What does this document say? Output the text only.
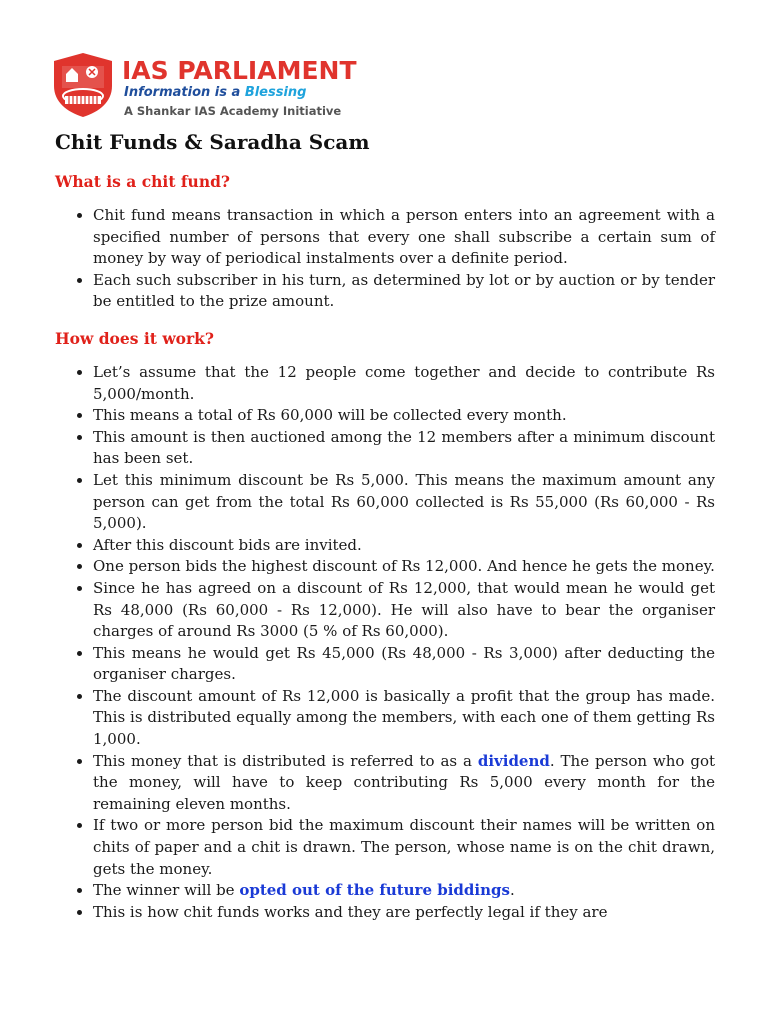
IAS PARLIAMENT
Information is a Blessing
A Shankar IAS Academy Initiative
Chit Funds & Saradha Scam
What is a chit fund?
• Chit fund means transaction in which a person enters into an agreement with a specified number of persons that every one shall subscribe a certain sum of money by way of periodical instalments over a definite period.
• Each such subscriber in his turn, as determined by lot or by auction or by tender be entitled to the prize amount.
How does it work?
• Let’s assume that the 12 people come together and decide to contribute Rs 5,000/month.
• This means a total of Rs 60,000 will be collected every month.
• This amount is then auctioned among the 12 members after a minimum discount has been set.
• Let this minimum discount be Rs 5,000. This means the maximum amount any person can get from the total Rs 60,000 collected is Rs 55,000 (Rs 60,000 - Rs 5,000).
• After this discount bids are invited.
• One person bids the highest discount of Rs 12,000. And hence he gets the money.
• Since he has agreed on a discount of Rs 12,000, that would mean he would get Rs 48,000 (Rs 60,000 - Rs 12,000). He will also have to bear the organiser charges of around Rs 3000 (5 % of Rs 60,000).
• This means he would get Rs 45,000 (Rs 48,000 - Rs 3,000) after deducting the organiser charges.
• The discount amount of Rs 12,000 is basically a profit that the group has made. This is distributed equally among the members, with each one of them getting Rs 1,000.
• This money that is distributed is referred to as a dividend. The person who got the money, will have to keep contributing Rs 5,000 every month for the remaining eleven months.
• If two or more person bid the maximum discount their names will be written on chits of paper and a chit is drawn. The person, whose name is on the chit drawn, gets the money.
• The winner will be opted out of the future biddings.
• This is how chit funds works and they are perfectly legal if they are
